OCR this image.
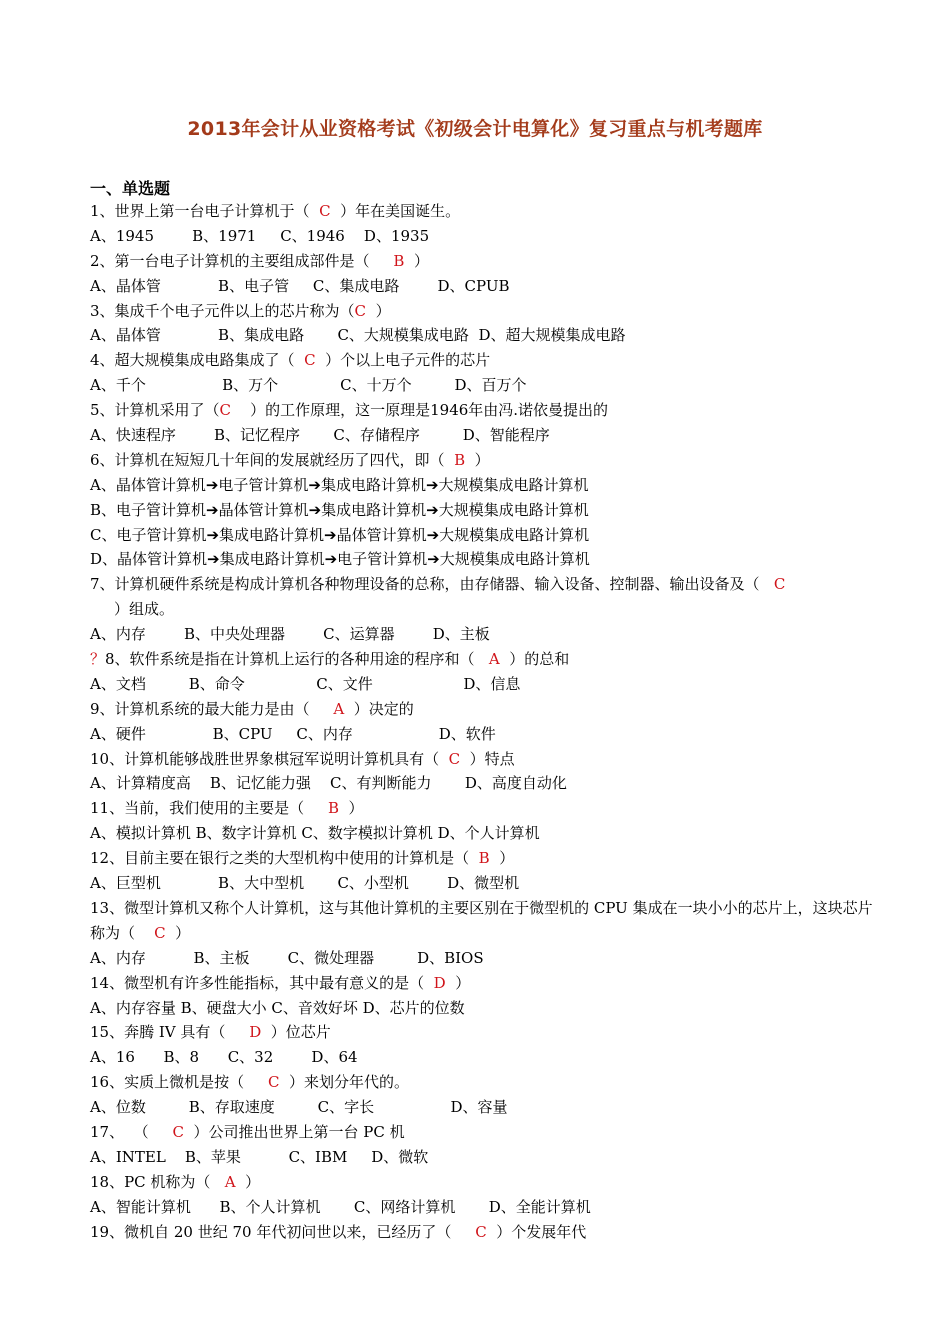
2013年会计从业资格考试《初级会计电算化》复习重点与机考题库
一、单选题
1、世界上第一台电子计算机于（  C  ）年在美国诞生。
A、1945        B、1971     C、1946    D、1935
2、第一台电子计算机的主要组成部件是（     B  ）
A、晶体管            B、电子管     C、集成电路        D、CPUB
3、集成千个电子元件以上的芯片称为（C  ）
A、晶体管            B、集成电路       C、大规模集成电路  D、超大规模集成电路
4、超大规模集成电路集成了（  C  ）个以上电子元件的芯片
A、千个                B、万个             C、十万个         D、百万个
5、计算机采用了（C    ）的工作原理，这一原理是1946年由冯.诺依曼提出的
A、快速程序        B、记忆程序       C、存储程序         D、智能程序
6、计算机在短短几十年间的发展就经历了四代，即（  B  ）
A、晶体管计算机➔电子管计算机➔集成电路计算机➔大规模集成电路计算机
B、电子管计算机➔晶体管计算机➔集成电路计算机➔大规模集成电路计算机
C、电子管计算机➔集成电路计算机➔晶体管计算机➔大规模集成电路计算机
D、晶体管计算机➔集成电路计算机➔电子管计算机➔大规模集成电路计算机
7、计算机硬件系统是构成计算机各种物理设备的总称，由存储器、输入设备、控制器、输出设备及（   C
）组成。
A、内存        B、中央处理器        C、运算器        D、主板
？8、软件系统是指在计算机上运行的各种用途的程序和（   A  ）的总和
A、文档         B、命令               C、文件                   D、信息
9、计算机系统的最大能力是由（     A  ）决定的
A、硬件              B、CPU     C、内存                  D、软件
10、计算机能够战胜世界象棋冠军说明计算机具有（  C  ）特点
A、计算精度高    B、记忆能力强    C、有判断能力       D、高度自动化
11、当前，我们使用的主要是（     B  ）
A、模拟计算机 B、数字计算机 C、数字模拟计算机 D、个人计算机
12、目前主要在银行之类的大型机构中使用的计算机是（  B  ）
A、巨型机            B、大中型机       C、小型机        D、微型机
13、微型计算机又称个人计算机，这与其他计算机的主要区别在于微型机的 CPU 集成在一块小小的芯片上，这块芯片称为（    C  ）
A、内存          B、主板        C、微处理器         D、BIOS
14、微型机有许多性能指标，其中最有意义的是（  D  ）
A、内存容量 B、硬盘大小 C、音效好坏 D、芯片的位数
15、奔腾 IV 具有（     D  ）位芯片
A、16      B、8      C、32        D、64
16、实质上微机是按（     C  ）来划分年代的。
A、位数         B、存取速度         C、字长                D、容量
17、  （     C  ）公司推出世界上第一台 PC 机
A、INTEL    B、苹果          C、IBM     D、微软
18、PC 机称为（   A  ）
A、智能计算机      B、个人计算机       C、网络计算机       D、全能计算机
19、微机自 20 世纪 70 年代初问世以来，已经历了（     C  ）个发展年代
